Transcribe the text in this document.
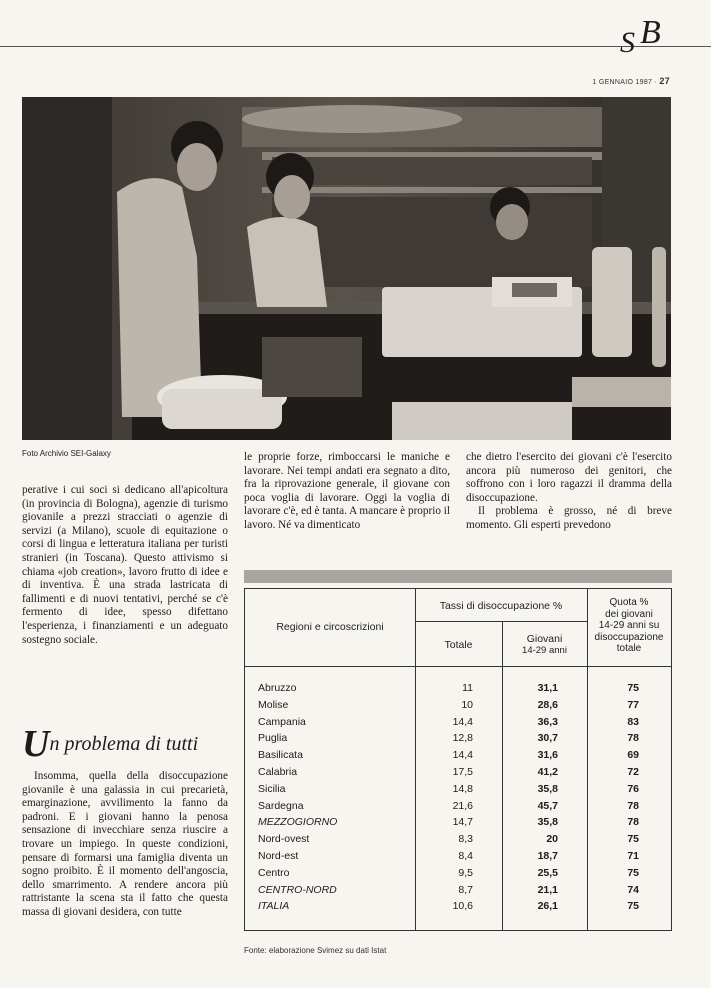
S B
1 GENNAIO 1987 · 27
Foto Archivio SEI-Galaxy

perative i cui soci si dedicano all'apicoltura (in provincia di Bologna), agenzie di turismo giovanile a prezzi stracciati o agenzie di servizi (a Milano), scuole di equitazione o corsi di lingua e letteratura italiana per turisti stranieri (in Toscana). Questo attivismo si chiama «job creation», lavoro frutto di idee e di inventiva. È una strada lastricata di fallimenti e di nuovi tentativi, perché se c'è fermento di idee, spesso difettano l'esperienza, i finanziamenti e un adeguato sostegno sociale.

Un problema di tutti

Insomma, quella della disoccupazione giovanile è una galassia in cui precarietà, emarginazione, avvilimento la fanno da padroni. E i giovani hanno la penosa sensazione di invecchiare senza riuscire a trovare un impiego. In queste condizioni, pensare di formarsi una famiglia diventa un sogno proibito. È il momento dell'angoscia, dello smarrimento. A rendere ancora più rattristante la scena sta il fatto che questa massa di giovani desidera, con tutte

le proprie forze, rimboccarsi le maniche e lavorare. Nei tempi andati era segnato a dito, fra la riprovazione generale, il giovane con poca voglia di lavorare. Oggi la voglia di lavorare c'è, ed è tanta. A mancare è proprio il lavoro. Né va dimenticato

che dietro l'esercito dei giovani c'è l'esercito ancora più numeroso dei genitori, che soffrono con i loro ragazzi il dramma della disoccupazione.

Il problema è grosso, né di breve momento. Gli esperti prevedono

Regioni e circoscrizioni
Tassi di disoccupazione %
Totale	Giovani
14-29 anni
Quota %
dei giovani
14-29 anni su
disoccupazione
totale
Abruzzo	11	31,1	75
Molise	10	28,6	77
Campania	14,4	36,3	83
Puglia	12,8	30,7	78
Basilicata	14,4	31,6	69
Calabria	17,5	41,2	72
Sicilia	14,8	35,8	76
Sardegna	21,6	45,7	78
MEZZOGIORNO	14,7	35,8	78
Nord-ovest	8,3	20	75
Nord-est	8,4	18,7	71
Centro	9,5	25,5	75
CENTRO-NORD	8,7	21,1	74
ITALIA	10,6	26,1	75
Fonte: elaborazione Svimez su dati Istat
